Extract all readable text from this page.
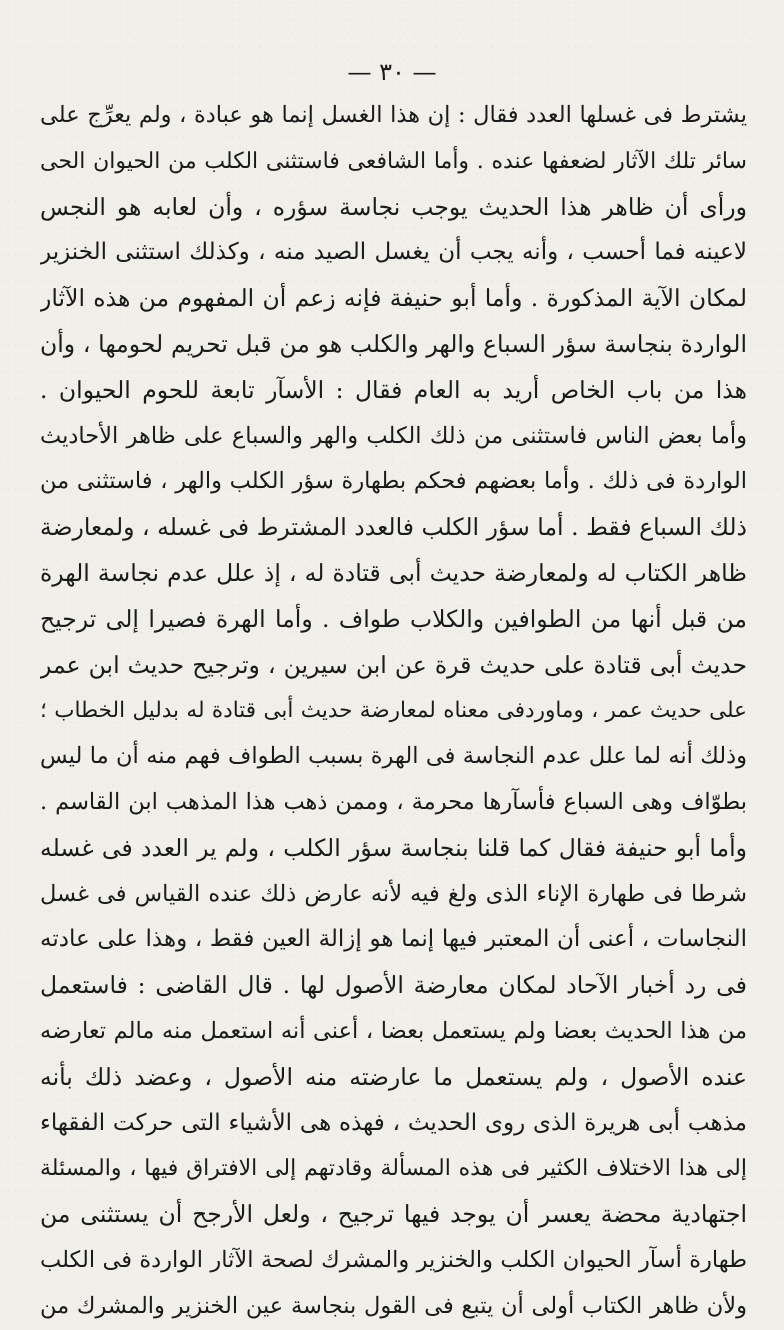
— ٣٠ —
يشترط فى غسلها العدد فقال : إن هذا الغسل إنما هو عبادة ، ولم يعرِّج على
سائر تلك الآثار لضعفها عنده . وأما الشافعى فاستثنى الكلب من الحيوان الحى
ورأى أن ظاهر هذا الحديث يوجب نجاسة سؤره ، وأن لعابه هو النجس
لاعينه فما أحسب ، وأنه يجب أن يغسل الصيد منه ، وكذلك استثنى الخنزير
لمكان الآية المذكورة . وأما أبو حنيفة فإنه زعم أن المفهوم من هذه الآثار
الواردة بنجاسة سؤر السباع والهر والكلب هو من قبل تحريم لحومها ، وأن
هذا من باب الخاص أريد به العام فقال : الأسآر تابعة للحوم الحيوان .
وأما بعض الناس فاستثنى من ذلك الكلب والهر والسباع على ظاهر الأحاديث
الواردة فى ذلك . وأما بعضهم فحكم بطهارة سؤر الكلب والهر ، فاستثنى من
ذلك السباع فقط . أما سؤر الكلب فالعدد المشترط فى غسله ، ولمعارضة
ظاهر الكتاب له ولمعارضة حديث أبى قتادة له ، إذ علل عدم نجاسة الهرة
من قبل أنها من الطوافين والكلاب طواف . وأما الهرة فصيرا إلى ترجيح
حديث أبى قتادة على حديث قرة عن ابن سيرين ، وترجيح حديث ابن عمر
على حديث عمر ، وماوردفى معناه لمعارضة حديث أبى قتادة له بدليل الخطاب ؛
وذلك أنه لما علل عدم النجاسة فى الهرة بسبب الطواف فهم منه أن ما ليس
بطوّاف وهى السباع فأسآرها محرمة ، وممن ذهب هذا المذهب ابن القاسم .
وأما أبو حنيفة فقال كما قلنا بنجاسة سؤر الكلب ، ولم ير العدد فى غسله
شرطا فى طهارة الإناء الذى ولغ فيه لأنه عارض ذلك عنده القياس فى غسل
النجاسات ، أعنى أن المعتبر فيها إنما هو إزالة العين فقط ، وهذا على عادته
فى رد أخبار الآحاد لمكان معارضة الأصول لها . قال القاضى : فاستعمل
من هذا الحديث بعضا ولم يستعمل بعضا ، أعنى أنه استعمل منه مالم تعارضه
عنده الأصول ، ولم يستعمل ما عارضته منه الأصول ، وعضد ذلك بأنه
مذهب أبى هريرة الذى روى الحديث ، فهذه هى الأشياء التى حركت الفقهاء
إلى هذا الاختلاف الكثير فى هذه المسألة وقادتهم إلى الافتراق فيها ، والمسئلة
اجتهادية محضة يعسر أن يوجد فيها ترجيح ، ولعل الأرجح أن يستثنى من
طهارة أسآر الحيوان الكلب والخنزير والمشرك لصحة الآثار الواردة فى الكلب
ولأن ظاهر الكتاب أولى أن يتبع فى القول بنجاسة عين الخنزير والمشرك من
